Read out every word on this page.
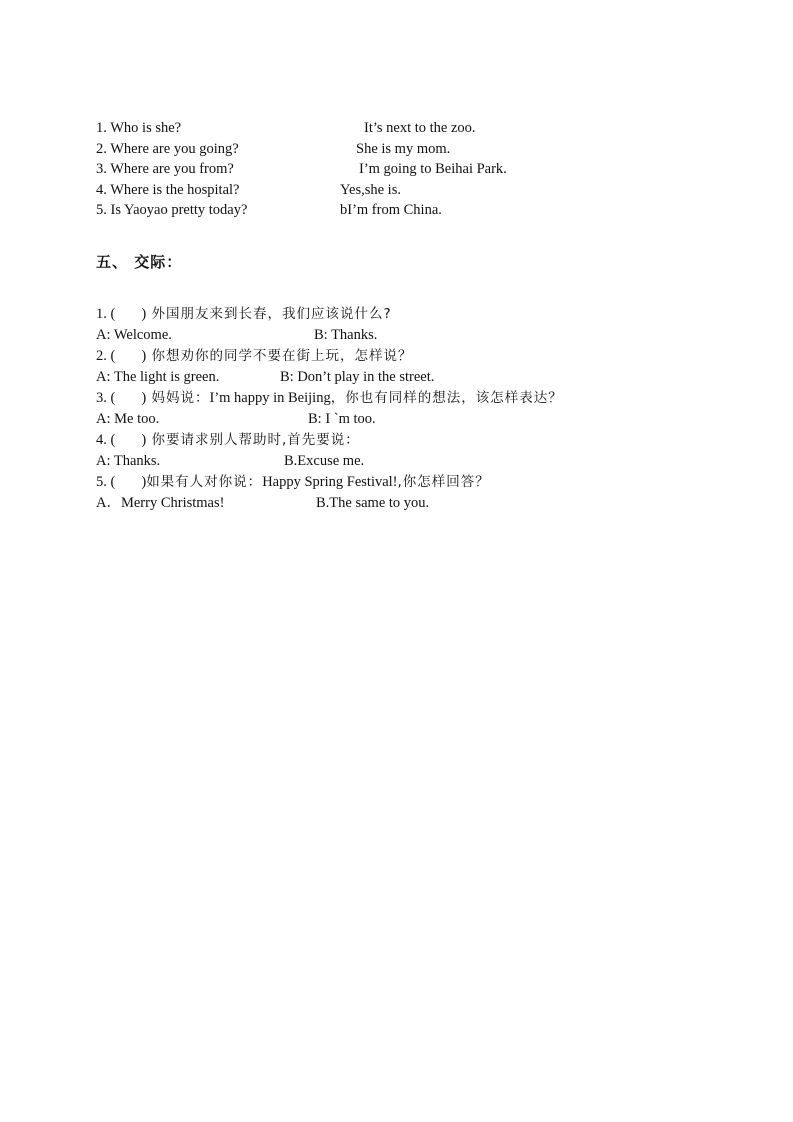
1. Who is she?	It’s next to the zoo.
2. Where are you going?	She is my mom.
3. Where are you from?	I’m going to Beihai Park.
4. Where is the hospital?	Yes,she is.
5. Is Yaoyao pretty today?	bI’m from China.
五、 交际：
1. ( ) 外国朋友来到长春，我们应该说什么?
A: Welcome.	B: Thanks.
2. ( ) 你想劝你的同学不要在街上玩，怎样说？
A: The light is green.	B: Don’t play in the street.
3. ( ) 妈妈说：I’m happy in Beijing，你也有同样的想法，该怎样表达？
A: Me too.	B: I `m too.
4. ( ) 你要请求别人帮助时,首先要说：
A: Thanks.	B.Excuse me.
5. ( )如果有人对你说：Happy Spring Festival!,你怎样回答？
A．Merry Christmas!	B.The same to you.
